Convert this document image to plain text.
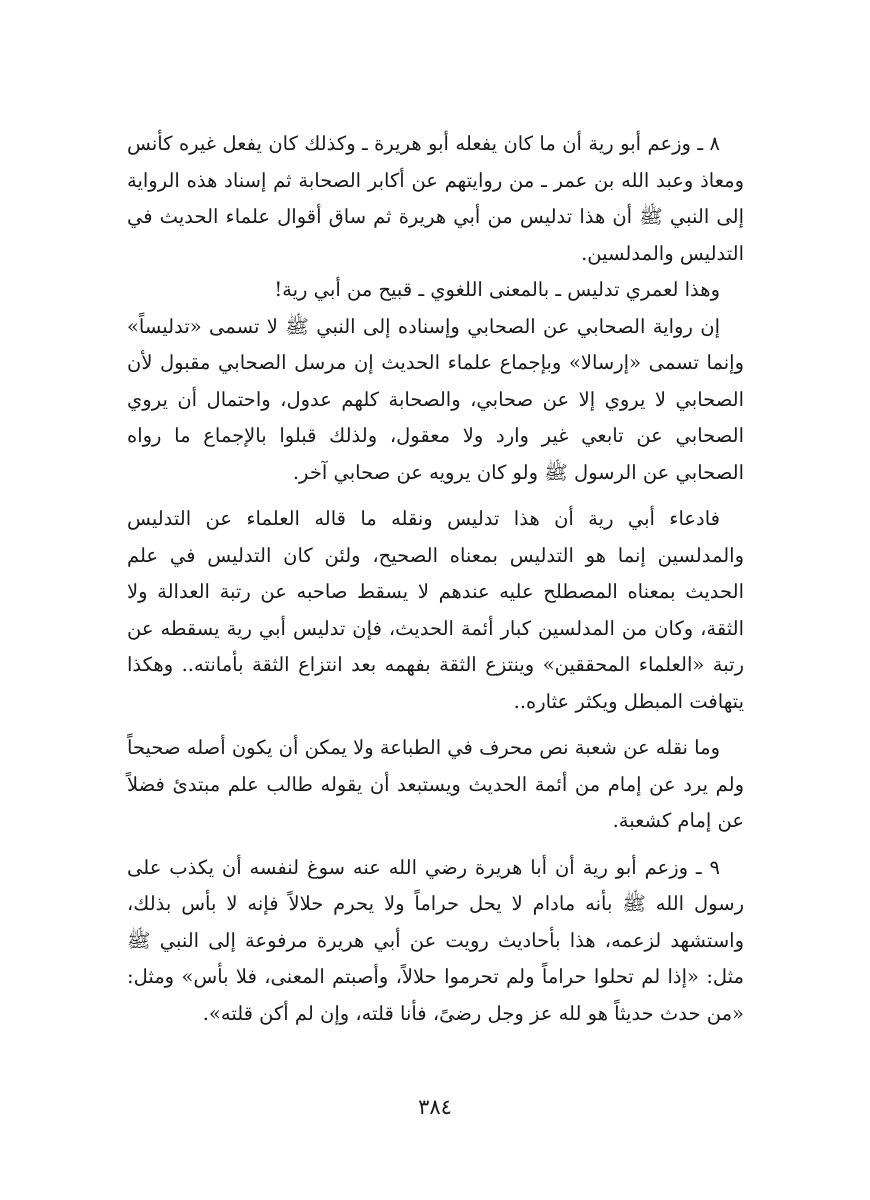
٨ ـ وزعم أبو رية أن ما كان يفعله أبو هريرة ـ وكذلك كان يفعل غيره كأنس ومعاذ وعبد الله بن عمر ـ من روايتهم عن أكابر الصحابة ثم إسناد هذه الرواية إلى النبي ﷺ أن هذا تدليس من أبي هريرة ثم ساق أقوال علماء الحديث في التدليس والمدلسين.

وهذا لعمري تدليس ـ بالمعنى اللغوي ـ قبيح من أبي رية!

إن رواية الصحابي عن الصحابي وإسناده إلى النبي ﷺ لا تسمى «تدليساً» وإنما تسمى «إرسالا» وبإجماع علماء الحديث إن مرسل الصحابي مقبول لأن الصحابي لا يروي إلا عن صحابي، والصحابة كلهم عدول، واحتمال أن يروي الصحابي عن تابعي غير وارد ولا معقول، ولذلك قبلوا بالإجماع ما رواه الصحابي عن الرسول ﷺ ولو كان يرويه عن صحابي آخر.

فادعاء أبي رية أن هذا تدليس ونقله ما قاله العلماء عن التدليس والمدلسين إنما هو التدليس بمعناه الصحيح، ولئن كان التدليس في علم الحديث بمعناه المصطلح عليه عندهم لا يسقط صاحبه عن رتبة العدالة ولا الثقة، وكان من المدلسين كبار أئمة الحديث، فإن تدليس أبي رية يسقطه عن رتبة «العلماء المحققين» وينتزع الثقة بفهمه بعد انتزاع الثقة بأمانته.. وهكذا يتهافت المبطل ويكثر عثاره..

وما نقله عن شعبة نص محرف في الطباعة ولا يمكن أن يكون أصله صحيحاً ولم يرد عن إمام من أئمة الحديث ويستبعد أن يقوله طالب علم مبتدئ فضلاً عن إمام كشعبة.

٩ ـ وزعم أبو رية أن أبا هريرة رضي الله عنه سوغ لنفسه أن يكذب على رسول الله ﷺ بأنه مادام لا يحل حراماً ولا يحرم حلالاً فإنه لا بأس بذلك، واستشهد لزعمه، هذا بأحاديث رويت عن أبي هريرة مرفوعة إلى النبي ﷺ مثل: «إذا لم تحلوا حراماً ولم تحرموا حلالاً، وأصبتم المعنى، فلا بأس» ومثل: «من حدث حديثاً هو لله عز وجل رضىً، فأنا قلته، وإن لم أكن قلته».

٣٨٤
